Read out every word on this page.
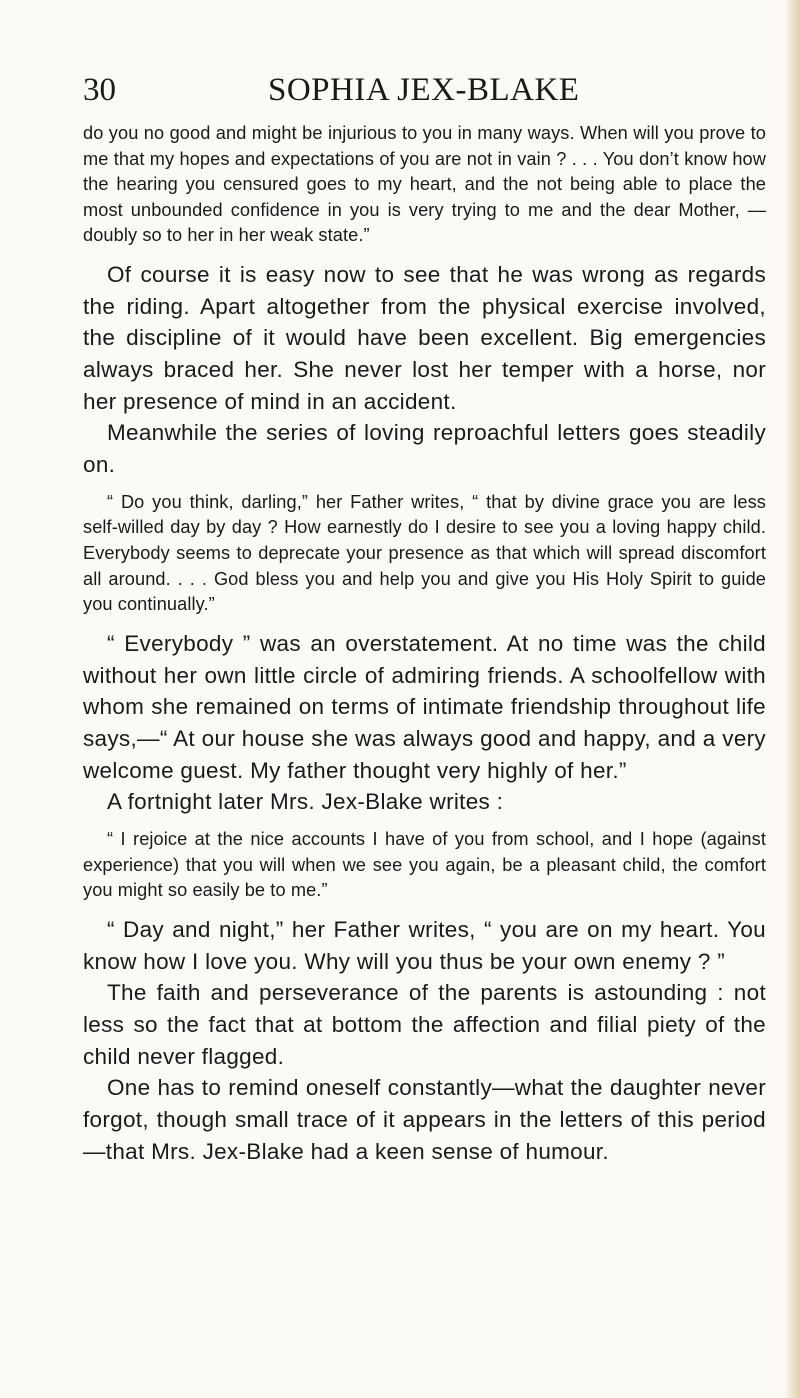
30	SOPHIA JEX-BLAKE

do you no good and might be injurious to you in many ways. When will you prove to me that my hopes and expectations of you are not in vain ? . . . You don’t know how the hearing you censured goes to my heart, and the not being able to place the most unbounded confidence in you is very trying to me and the dear Mother, —doubly so to her in her weak state.”

Of course it is easy now to see that he was wrong as regards the riding. Apart altogether from the physical exercise involved, the discipline of it would have been excellent. Big emergencies always braced her. She never lost her temper with a horse, nor her presence of mind in an accident.

Meanwhile the series of loving reproachful letters goes steadily on.

“ Do you think, darling,” her Father writes, “ that by divine grace you are less self-willed day by day ? How earnestly do I desire to see you a loving happy child. Everybody seems to deprecate your presence as that which will spread discomfort all around. . . . God bless you and help you and give you His Holy Spirit to guide you continually.”

“ Everybody ” was an overstatement. At no time was the child without her own little circle of admiring friends. A schoolfellow with whom she remained on terms of intimate friendship throughout life says,—“ At our house she was always good and happy, and a very welcome guest. My father thought very highly of her.”

A fortnight later Mrs. Jex-Blake writes :

“ I rejoice at the nice accounts I have of you from school, and I hope (against experience) that you will when we see you again, be a pleasant child, the comfort you might so easily be to me.”

“ Day and night,” her Father writes, “ you are on my heart. You know how I love you. Why will you thus be your own enemy ? ”

The faith and perseverance of the parents is astounding : not less so the fact that at bottom the affection and filial piety of the child never flagged.

One has to remind oneself constantly—what the daughter never forgot, though small trace of it appears in the letters of this period—that Mrs. Jex-Blake had a keen sense of humour.
